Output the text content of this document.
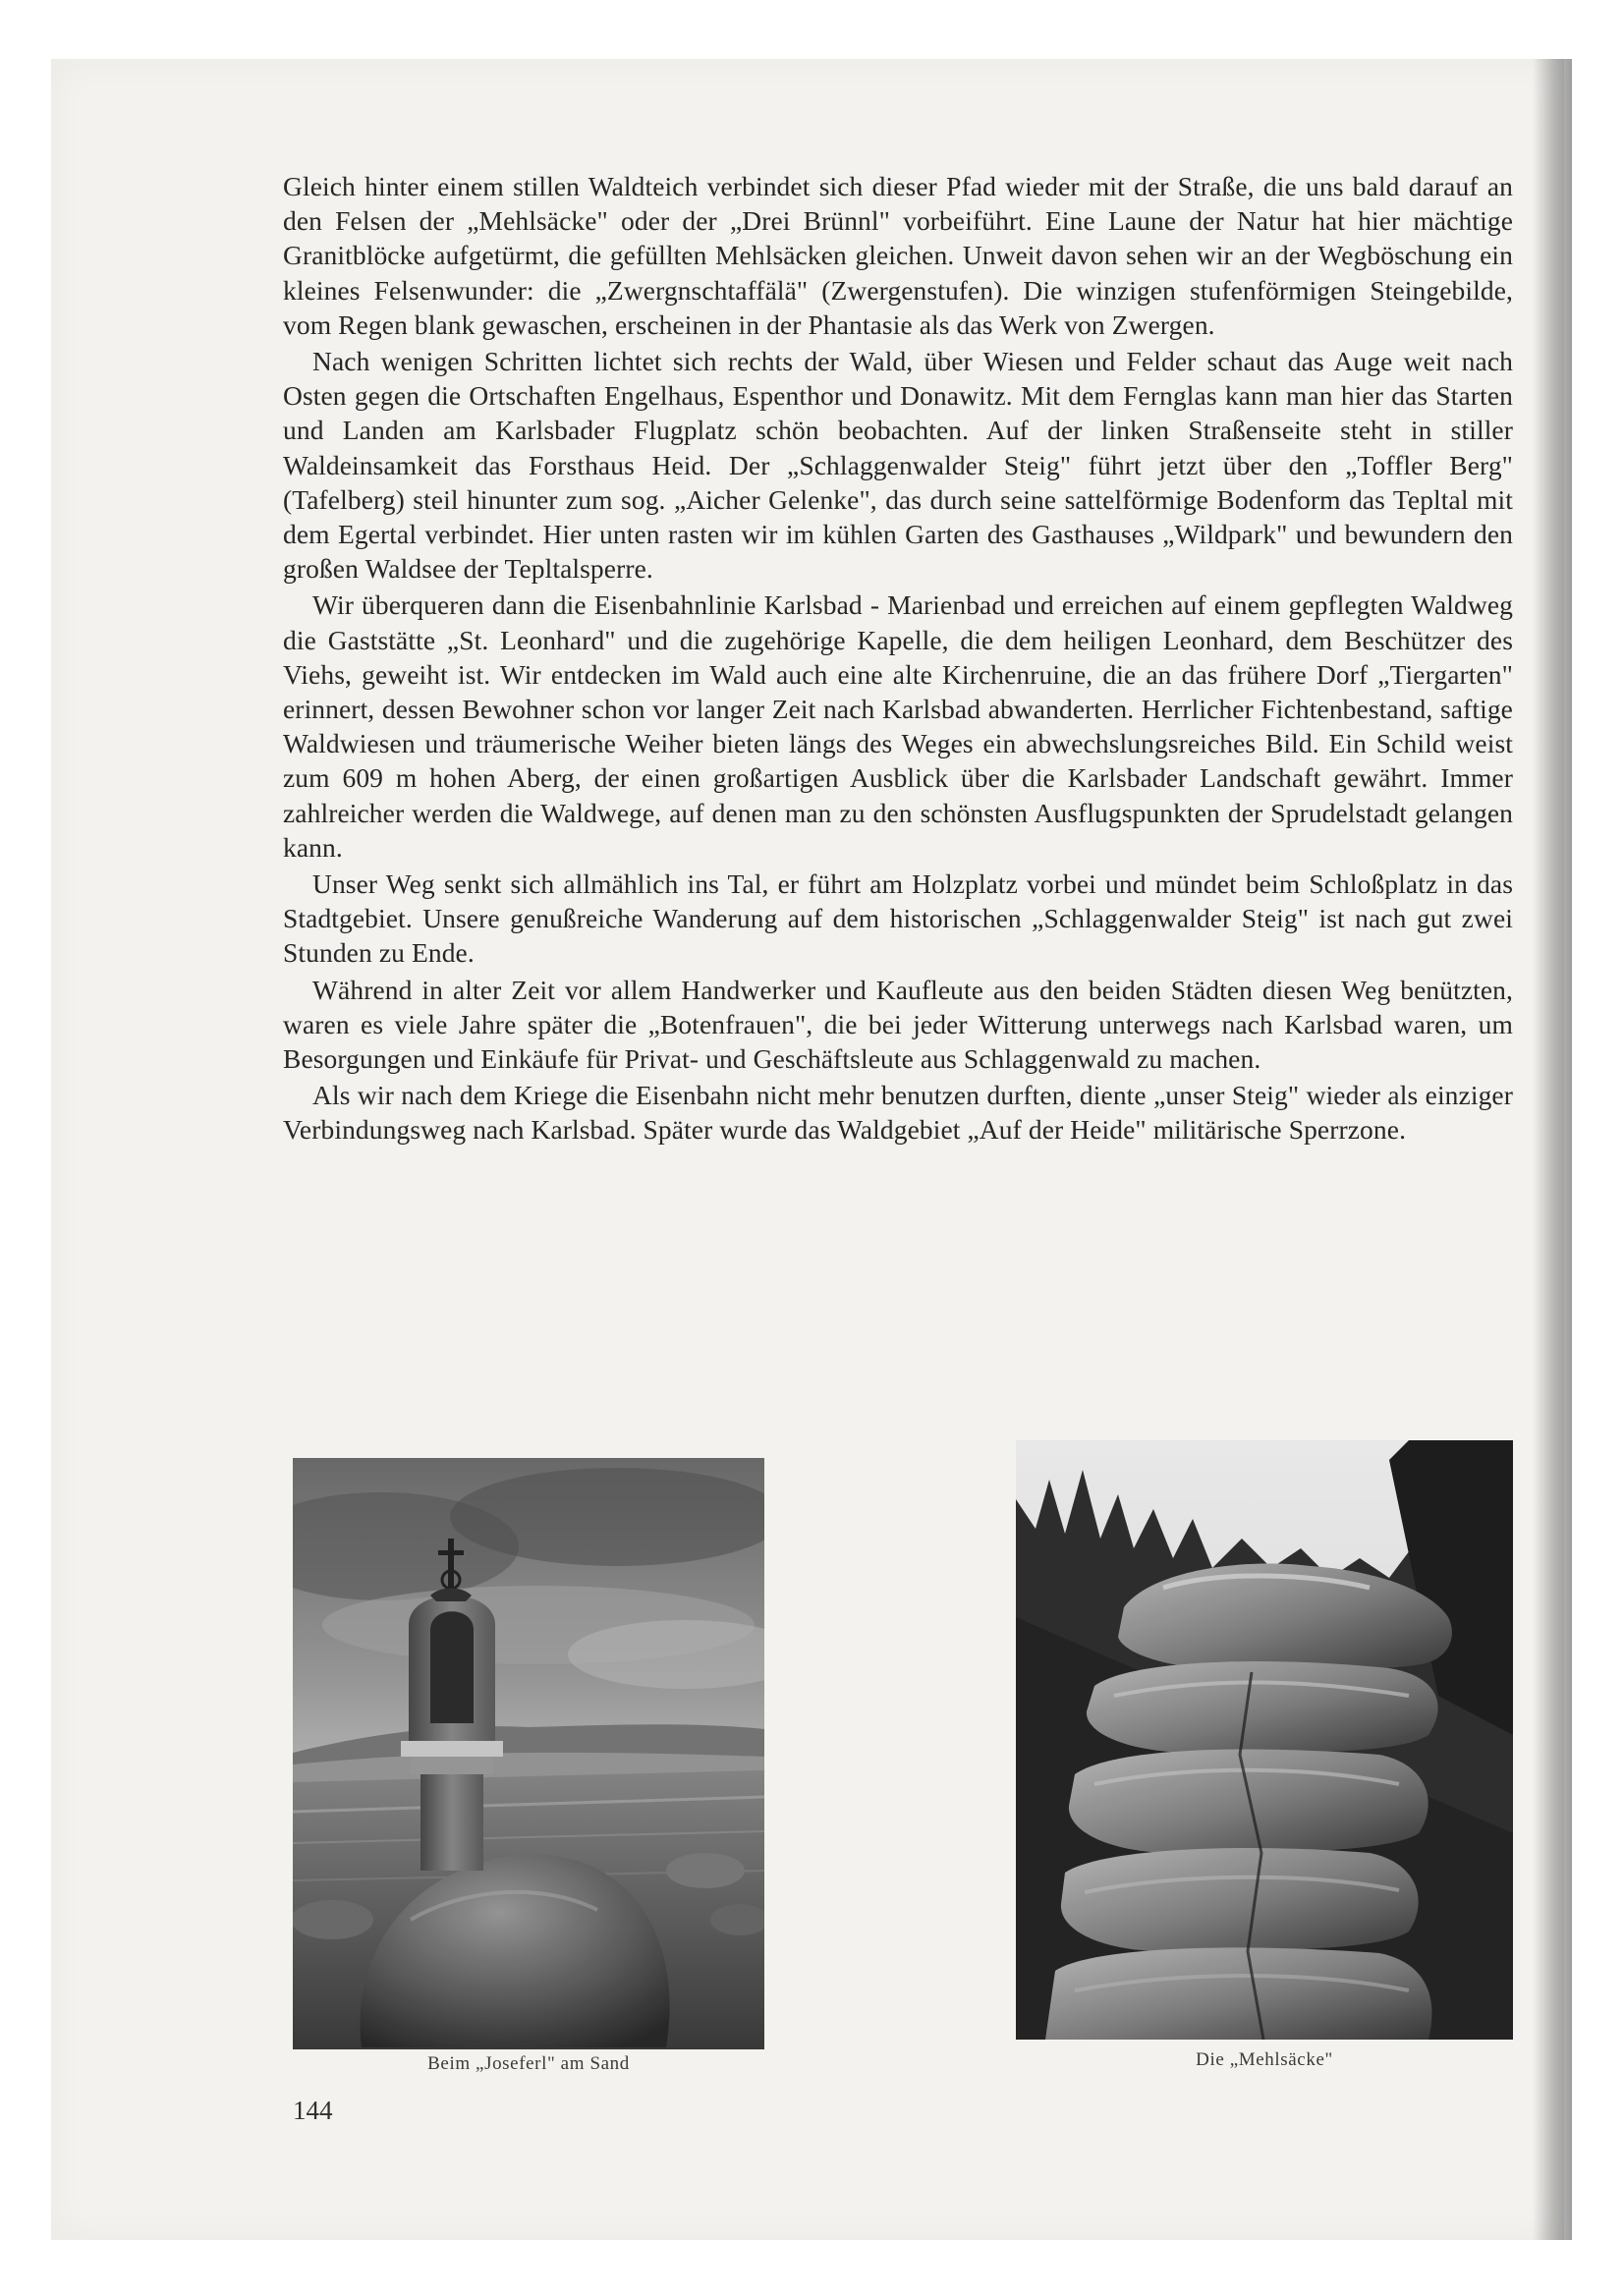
Gleich hinter einem stillen Waldteich verbindet sich dieser Pfad wieder mit der Straße, die uns bald darauf an den Felsen der „Mehlsäcke" oder der „Drei Brünnl" vorbeiführt. Eine Laune der Natur hat hier mächtige Granitblöcke aufgetürmt, die gefüllten Mehlsäcken gleichen. Unweit davon sehen wir an der Wegböschung ein kleines Felsenwunder: die „Zwergnschtaffälä" (Zwergenstufen). Die winzigen stufenförmigen Steingebilde, vom Regen blank gewaschen, erscheinen in der Phantasie als das Werk von Zwergen.

Nach wenigen Schritten lichtet sich rechts der Wald, über Wiesen und Felder schaut das Auge weit nach Osten gegen die Ortschaften Engelhaus, Espenthor und Donawitz. Mit dem Fernglas kann man hier das Starten und Landen am Karlsbader Flugplatz schön beobachten. Auf der linken Straßenseite steht in stiller Waldeinsamkeit das Forsthaus Heid. Der „Schlaggenwalder Steig" führt jetzt über den „Toffler Berg" (Tafelberg) steil hinunter zum sog. „Aicher Gelenke", das durch seine sattelförmige Bodenform das Tepltal mit dem Egertal verbindet. Hier unten rasten wir im kühlen Garten des Gasthauses „Wildpark" und bewundern den großen Waldsee der Tepltalsperre.

Wir überqueren dann die Eisenbahnlinie Karlsbad - Marienbad und erreichen auf einem gepflegten Waldweg die Gaststätte „St. Leonhard" und die zugehörige Kapelle, die dem heiligen Leonhard, dem Beschützer des Viehs, geweiht ist. Wir entdecken im Wald auch eine alte Kirchenruine, die an das frühere Dorf „Tiergarten" erinnert, dessen Bewohner schon vor langer Zeit nach Karlsbad abwanderten. Herrlicher Fichtenbestand, saftige Waldwiesen und träumerische Weiher bieten längs des Weges ein abwechslungsreiches Bild. Ein Schild weist zum 609 m hohen Aberg, der einen großartigen Ausblick über die Karlsbader Landschaft gewährt. Immer zahlreicher werden die Waldwege, auf denen man zu den schönsten Ausflugspunkten der Sprudelstadt gelangen kann.

Unser Weg senkt sich allmählich ins Tal, er führt am Holzplatz vorbei und mündet beim Schloßplatz in das Stadtgebiet. Unsere genußreiche Wanderung auf dem historischen „Schlaggenwalder Steig" ist nach gut zwei Stunden zu Ende.

Während in alter Zeit vor allem Handwerker und Kaufleute aus den beiden Städten diesen Weg benützten, waren es viele Jahre später die „Botenfrauen", die bei jeder Witterung unterwegs nach Karlsbad waren, um Besorgungen und Einkäufe für Privat- und Geschäftsleute aus Schlaggenwald zu machen.

Als wir nach dem Kriege die Eisenbahn nicht mehr benutzen durften, diente „unser Steig" wieder als einziger Verbindungsweg nach Karlsbad. Später wurde das Waldgebiet „Auf der Heide" militärische Sperrzone.

Beim „Joseferl" am Sand	Die „Mehlsäcke"
144
